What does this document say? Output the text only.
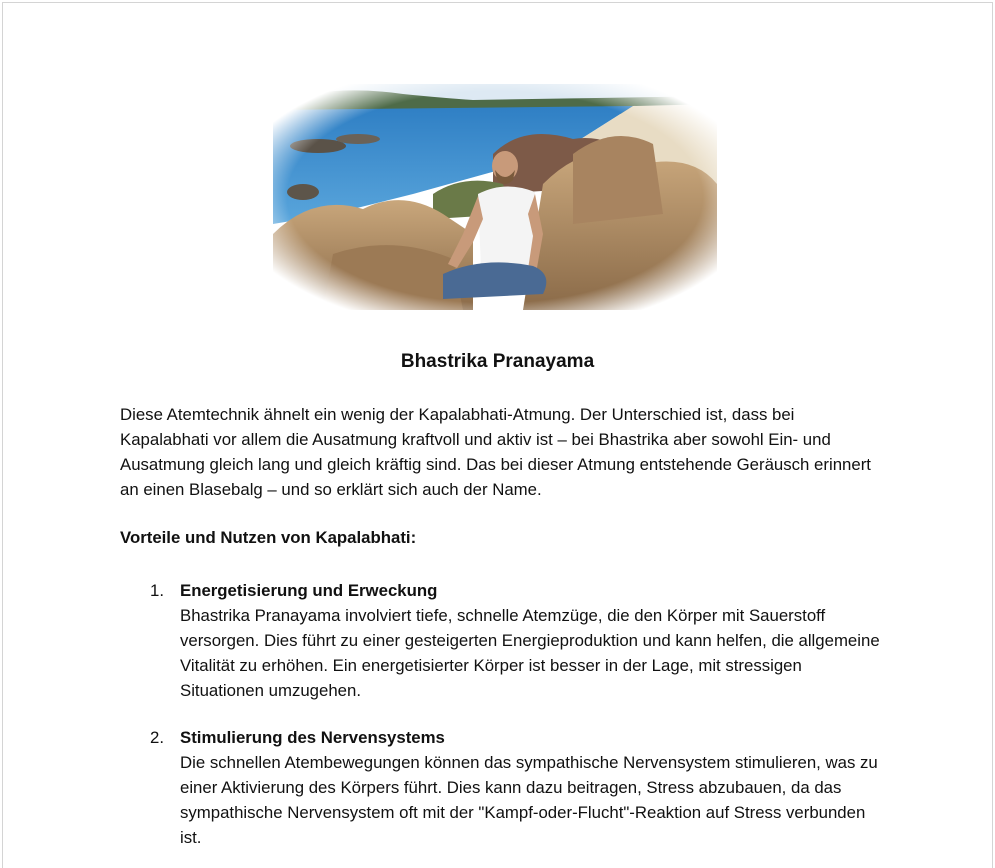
Bhastrika Pranayama
Diese Atemtechnik ähnelt ein wenig der Kapalabhati-Atmung. Der Unterschied ist, dass bei Kapalabhati vor allem die Ausatmung kraftvoll und aktiv ist – bei Bhastrika aber sowohl Ein- und Ausatmung gleich lang und gleich kräftig sind. Das bei dieser Atmung entstehende Geräusch erinnert an einen Blasebalg – und so erklärt sich auch der Name.
Vorteile und Nutzen von Kapalabhati:
1. Energetisierung und Erweckung
Bhastrika Pranayama involviert tiefe, schnelle Atemzüge, die den Körper mit Sauerstoff versorgen. Dies führt zu einer gesteigerten Energieproduktion und kann helfen, die allgemeine Vitalität zu erhöhen. Ein energetisierter Körper ist besser in der Lage, mit stressigen Situationen umzugehen.
2. Stimulierung des Nervensystems
Die schnellen Atembewegungen können das sympathische Nervensystem stimulieren, was zu einer Aktivierung des Körpers führt. Dies kann dazu beitragen, Stress abzubauen, da das sympathische Nervensystem oft mit der "Kampf-oder-Flucht"-Reaktion auf Stress verbunden ist.
